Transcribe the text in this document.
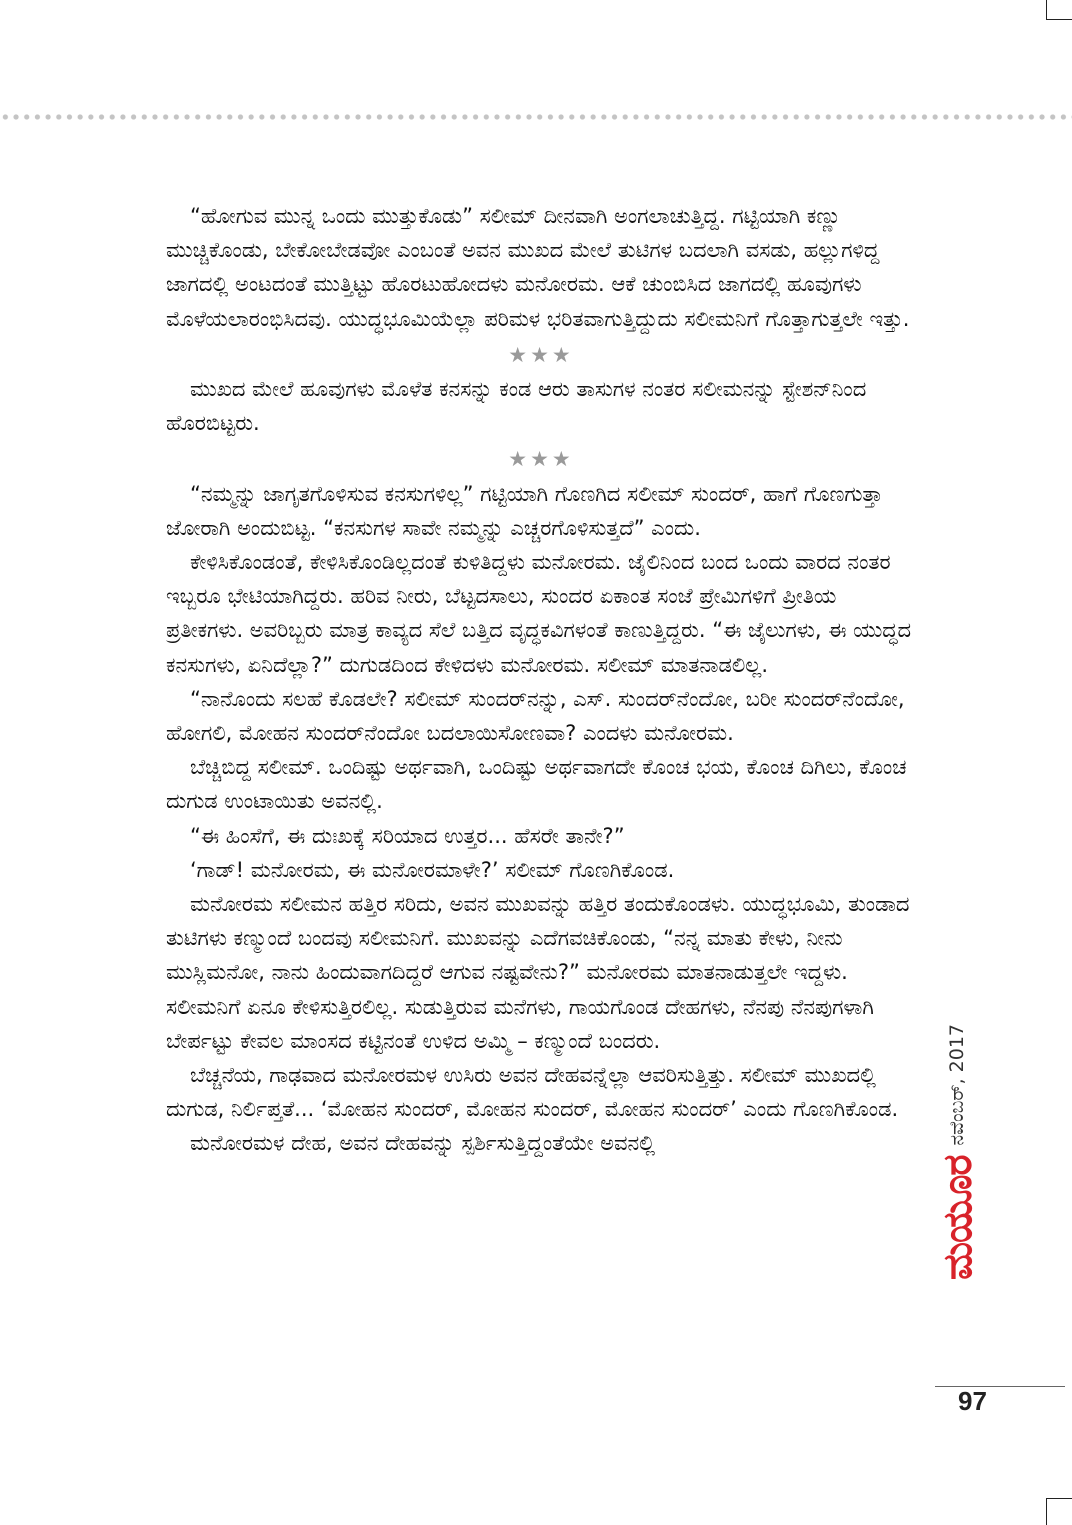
“ಹೋಗುವ ಮುನ್ನ ಒಂದು ಮುತ್ತುಕೊಡು” ಸಲೀಮ್ ದೀನವಾಗಿ ಅಂಗಲಾಚುತ್ತಿದ್ದ. ಗಟ್ಟಿಯಾಗಿ ಕಣ್ಣು ಮುಚ್ಚಿಕೊಂಡು, ಬೇಕೋಬೇಡವೋ ಎಂಬಂತೆ ಅವನ ಮುಖದ ಮೇಲೆ ತುಟಿಗಳ ಬದಲಾಗಿ ವಸಡು, ಹಲ್ಲುಗಳಿದ್ದ ಜಾಗದಲ್ಲಿ ಅಂಟದಂತೆ ಮುತ್ತಿಟ್ಟು ಹೊರಟುಹೋದಳು ಮನೋರಮ. ಆಕೆ ಚುಂಬಿಸಿದ ಜಾಗದಲ್ಲಿ ಹೂವುಗಳು ಮೊಳೆಯಲಾರಂಭಿಸಿದವು. ಯುದ್ಧಭೂಮಿಯೆಲ್ಲಾ ಪರಿಮಳ ಭರಿತವಾಗುತ್ತಿದ್ದುದು ಸಲೀಮನಿಗೆ ಗೊತ್ತಾಗುತ್ತಲೇ ಇತ್ತು.

★★★

ಮುಖದ ಮೇಲೆ ಹೂವುಗಳು ಮೊಳೆತ ಕನಸನ್ನು ಕಂಡ ಆರು ತಾಸುಗಳ ನಂತರ ಸಲೀಮನನ್ನು ಸ್ಟೇಶನ್‌ನಿಂದ ಹೊರಬಿಟ್ಟರು.

★★★

“ನಮ್ಮನ್ನು ಜಾಗೃತಗೊಳಿಸುವ ಕನಸುಗಳಿಲ್ಲ” ಗಟ್ಟಿಯಾಗಿ ಗೊಣಗಿದ ಸಲೀಮ್ ಸುಂದರ್, ಹಾಗೆ ಗೊಣಗುತ್ತಾ ಜೋರಾಗಿ ಅಂದುಬಿಟ್ಟ. “ಕನಸುಗಳ ಸಾವೇ ನಮ್ಮನ್ನು ಎಚ್ಚರಗೊಳಿಸುತ್ತದೆ” ಎಂದು.

ಕೇಳಿಸಿಕೊಂಡಂತೆ, ಕೇಳಿಸಿಕೊಂಡಿಲ್ಲದಂತೆ ಕುಳಿತಿದ್ದಳು ಮನೋರಮ. ಜೈಲಿನಿಂದ ಬಂದ ಒಂದು ವಾರದ ನಂತರ ಇಬ್ಬರೂ ಭೇಟಿಯಾಗಿದ್ದರು. ಹರಿವ ನೀರು, ಬೆಟ್ಟದಸಾಲು, ಸುಂದರ ಏಕಾಂತ ಸಂಜೆ ಪ್ರೇಮಿಗಳಿಗೆ ಪ್ರೀತಿಯ ಪ್ರತೀಕಗಳು. ಅವರಿಬ್ಬರು ಮಾತ್ರ ಕಾವ್ಯದ ಸೆಲೆ ಬತ್ತಿದ ವೃದ್ಧಕವಿಗಳಂತೆ ಕಾಣುತ್ತಿದ್ದರು. “ಈ ಜೈಲುಗಳು, ಈ ಯುದ್ಧದ ಕನಸುಗಳು, ಏನಿದೆಲ್ಲಾ?” ದುಗುಡದಿಂದ ಕೇಳಿದಳು ಮನೋರಮ. ಸಲೀಮ್ ಮಾತನಾಡಲಿಲ್ಲ.

“ನಾನೊಂದು ಸಲಹೆ ಕೊಡಲೇ? ಸಲೀಮ್ ಸುಂದರ್‌ನನ್ನು, ಎಸ್. ಸುಂದರ್‌ನೆಂದೋ, ಬರೀ ಸುಂದರ್‌ನೆಂದೋ, ಹೋಗಲಿ, ಮೋಹನ ಸುಂದರ್‌ನೆಂದೋ ಬದಲಾಯಿಸೋಣವಾ? ಎಂದಳು ಮನೋರಮ.

ಬೆಚ್ಚಿಬಿದ್ದ ಸಲೀಮ್. ಒಂದಿಷ್ಟು ಅರ್ಥವಾಗಿ, ಒಂದಿಷ್ಟು ಅರ್ಥವಾಗದೇ ಕೊಂಚ ಭಯ, ಕೊಂಚ ದಿಗಿಲು, ಕೊಂಚ ದುಗುಡ ಉಂಟಾಯಿತು ಅವನಲ್ಲಿ.

“ಈ ಹಿಂಸೆಗೆ, ಈ ದುಃಖಕ್ಕೆ ಸರಿಯಾದ ಉತ್ತರ... ಹೆಸರೇ ತಾನೇ?”

‘ಗಾಡ್! ಮನೋರಮ, ಈ ಮನೋರಮಾಳೇ?’ ಸಲೀಮ್ ಗೊಣಗಿಕೊಂಡ.

ಮನೋರಮ ಸಲೀಮನ ಹತ್ತಿರ ಸರಿದು, ಅವನ ಮುಖವನ್ನು ಹತ್ತಿರ ತಂದುಕೊಂಡಳು. ಯುದ್ಧಭೂಮಿ, ತುಂಡಾದ ತುಟಿಗಳು ಕಣ್ಮುಂದೆ ಬಂದವು ಸಲೀಮನಿಗೆ. ಮುಖವನ್ನು ಎದೆಗವಚಿಕೊಂಡು, “ನನ್ನ ಮಾತು ಕೇಳು, ನೀನು ಮುಸ್ಲಿಮನೋ, ನಾನು ಹಿಂದುವಾಗದಿದ್ದರೆ ಆಗುವ ನಷ್ಟವೇನು?” ಮನೋರಮ ಮಾತನಾಡುತ್ತಲೇ ಇದ್ದಳು. ಸಲೀಮನಿಗೆ ಏನೂ ಕೇಳಿಸುತ್ತಿರಲಿಲ್ಲ. ಸುಡುತ್ತಿರುವ ಮನೆಗಳು, ಗಾಯಗೊಂಡ ದೇಹಗಳು, ನೆನಪು ನೆನಪುಗಳಾಗಿ ಬೇರ್ಪಟ್ಟು ಕೇವಲ ಮಾಂಸದ ಕಟ್ಟಿನಂತೆ ಉಳಿದ ಅಮ್ಮಿ – ಕಣ್ಮುಂದೆ ಬಂದರು.

ಬೆಚ್ಚನೆಯ, ಗಾಢವಾದ ಮನೋರಮಳ ಉಸಿರು ಅವನ ದೇಹವನ್ನೆಲ್ಲಾ ಆವರಿಸುತ್ತಿತ್ತು. ಸಲೀಮ್ ಮುಖದಲ್ಲಿ ದುಗುಡ, ನಿರ್ಲಿಪ್ತತೆ... ‘ಮೋಹನ ಸುಂದರ್, ಮೋಹನ ಸುಂದರ್, ಮೋಹನ ಸುಂದರ್’ ಎಂದು ಗೊಣಗಿಕೊಂಡ.

ಮನೋರಮಳ ದೇಹ, ಅವನ ದೇಹವನ್ನು ಸ್ಪರ್ಶಿಸುತ್ತಿದ್ದಂತೆಯೇ ಅವನಲ್ಲಿ

ಮಯೂರನವೆಂಬರ್, 2017
97
